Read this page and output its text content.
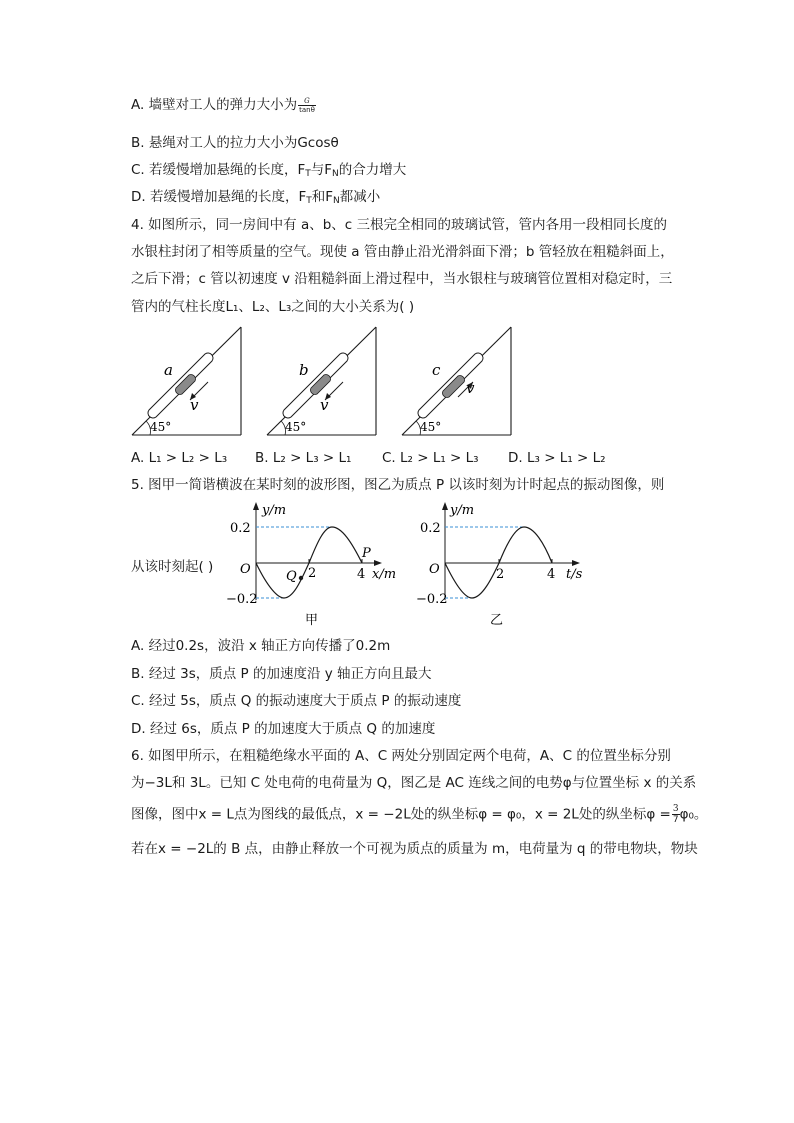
A. 墙壁对工人的弹力大小为 $\frac{G}{\tan\theta}$
B. 悬绳对工人的拉力大小为Gcosθ
C. 若缓慢增加悬绳的长度，$F_T$与$F_N$的合力增大
D. 若缓慢增加悬绳的长度，$F_T$和$F_N$都减小
4. 如图所示，同一房间中有 a、b、c 三根完全相同的玻璃试管，管内各用一段相同长度的
水银柱封闭了相等质量的空气。现使 a 管由静止沿光滑斜面下滑；b 管轻放在粗糙斜面上，
之后下滑；c 管以初速度 v 沿粗糙斜面上滑过程中，当水银柱与玻璃管位置相对稳定时，三
管内的气柱长度L₁、L₂、L₃之间的大小关系为( )
a
v
45°
b
v
45°
c
v
45°
A. L₁ > L₂ > L₃ B. L₂ > L₃ > L₁ C. L₂ > L₁ > L₃ D. L₃ > L₁ > L₂
5. 图甲一简谐横波在某时刻的波形图，图乙为质点 P 以该时刻为计时起点的振动图像，则
从该时刻起( )
y/m
x/m
O
0.2
−0.2
2	4
P
Q
甲
y/m
t/s
O
0.2
−0.2
2	4
乙
A. 经过0.2s，波沿 x 轴正方向传播了0.2m
B. 经过 3s，质点 P 的加速度沿 y 轴正方向且最大
C. 经过 5s，质点 Q 的振动速度大于质点 P 的振动速度
D. 经过 6s，质点 P 的加速度大于质点 Q 的加速度
6. 如图甲所示，在粗糙绝缘水平面的 A、C 两处分别固定两个电荷，A、C 的位置坐标分别
为−3L和 3L。已知 C 处电荷的电荷量为 Q，图乙是 AC 连线之间的电势φ与位置坐标 x 的关系
图像，图中x = L点为图线的最低点，x = −2L处的纵坐标φ = φ₀，x = 2L处的纵坐标$\varphi = \frac{3}{7} \varphi_0$。
若在x = −2L的 B 点，由静止释放一个可视为质点的质量为 m，电荷量为 q 的带电物块，物块
